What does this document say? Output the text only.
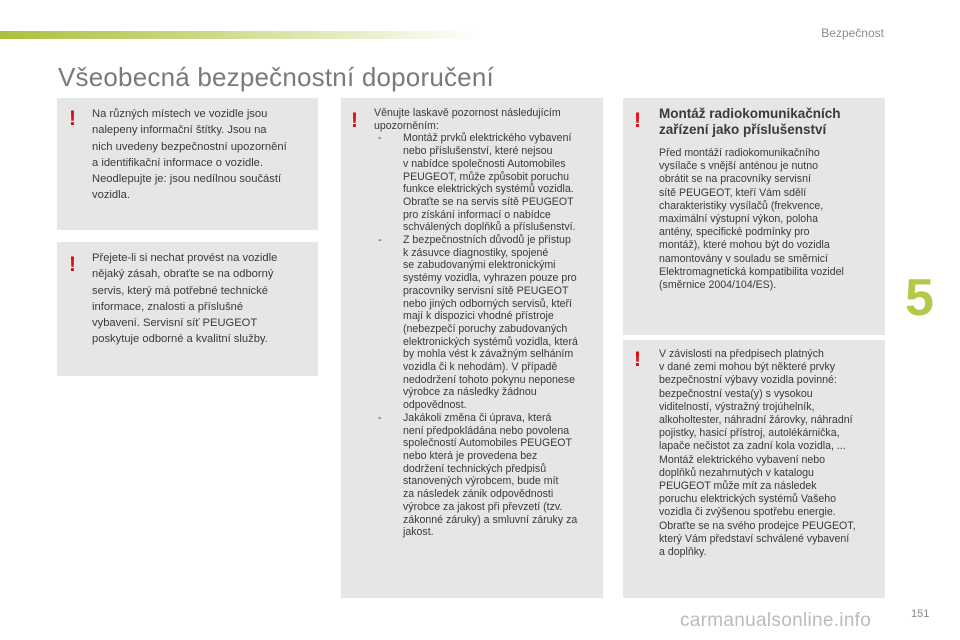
Bezpečnost
Všeobecná bezpečnostní doporučení
! Na různých místech ve vozidle jsou
nalepeny informační štítky. Jsou na
nich uvedeny bezpečnostní upozornění
a identifikační informace o vozidle.
Neodlepujte je: jsou nedílnou součástí
vozidla.
! Přejete-li si nechat provést na vozidle
nějaký zásah, obraťte se na odborný
servis, který má potřebné technické
informace, znalosti a příslušné
vybavení. Servisní síť PEUGEOT
poskytuje odborné a kvalitní služby.
! Věnujte laskavě pozornost následujícím
upozorněním:
- Montáž prvků elektrického vybavení
nebo příslušenství, které nejsou
v nabídce společnosti Automobiles
PEUGEOT, může způsobit poruchu
funkce elektrických systémů vozidla.
Obraťte se na servis sítě PEUGEOT
pro získání informací o nabídce
schválených doplňků a příslušenství.
- Z bezpečnostních důvodů je přístup
k zásuvce diagnostiky, spojené
se zabudovanými elektronickými
systémy vozidla, vyhrazen pouze pro
pracovníky servisní sítě PEUGEOT
nebo jiných odborných servisů, kteří
mají k dispozici vhodné přístroje
(nebezpečí poruchy zabudovaných
elektronických systémů vozidla, která
by mohla vést k závažným selháním
vozidla či k nehodám). V případě
nedodržení tohoto pokynu neponese
výrobce za následky žádnou
odpovědnost.
- Jakákoli změna či úprava, která
není předpokládána nebo povolena
společností Automobiles PEUGEOT
nebo která je provedena bez
dodržení technických předpisů
stanovených výrobcem, bude mít
za následek zánik odpovědnosti
výrobce za jakost při převzetí (tzv.
zákonné záruky) a smluvní záruky za
jakost.
! Montáž radiokomunikačních
zařízení jako příslušenství
Před montáží radiokomunikačního
vysílače s vnější anténou je nutno
obrátit se na pracovníky servisní
sítě PEUGEOT, kteří Vám sdělí
charakteristiky vysílačů (frekvence,
maximální výstupní výkon, poloha
antény, specifické podmínky pro
montáž), které mohou být do vozidla
namontovány v souladu se směrnicí
Elektromagnetická kompatibilita vozidel
(směrnice 2004/104/ES).
! V závislosti na předpisech platných
v dané zemi mohou být některé prvky
bezpečnostní výbavy vozidla povinné:
bezpečnostní vesta(y) s vysokou
viditelností, výstražný trojúhelník,
alkoholtester, náhradní žárovky, náhradní
pojistky, hasicí přístroj, autolékárnička,
lapače nečistot za zadní kola vozidla, ...
Montáž elektrického vybavení nebo
doplňků nezahrnutých v katalogu
PEUGEOT může mít za následek
poruchu elektrických systémů Vašeho
vozidla či zvýšenou spotřebu energie.
Obraťte se na svého prodejce PEUGEOT,
který Vám představí schválené vybavení
a doplňky.
5
carmanualsonline.info	151
